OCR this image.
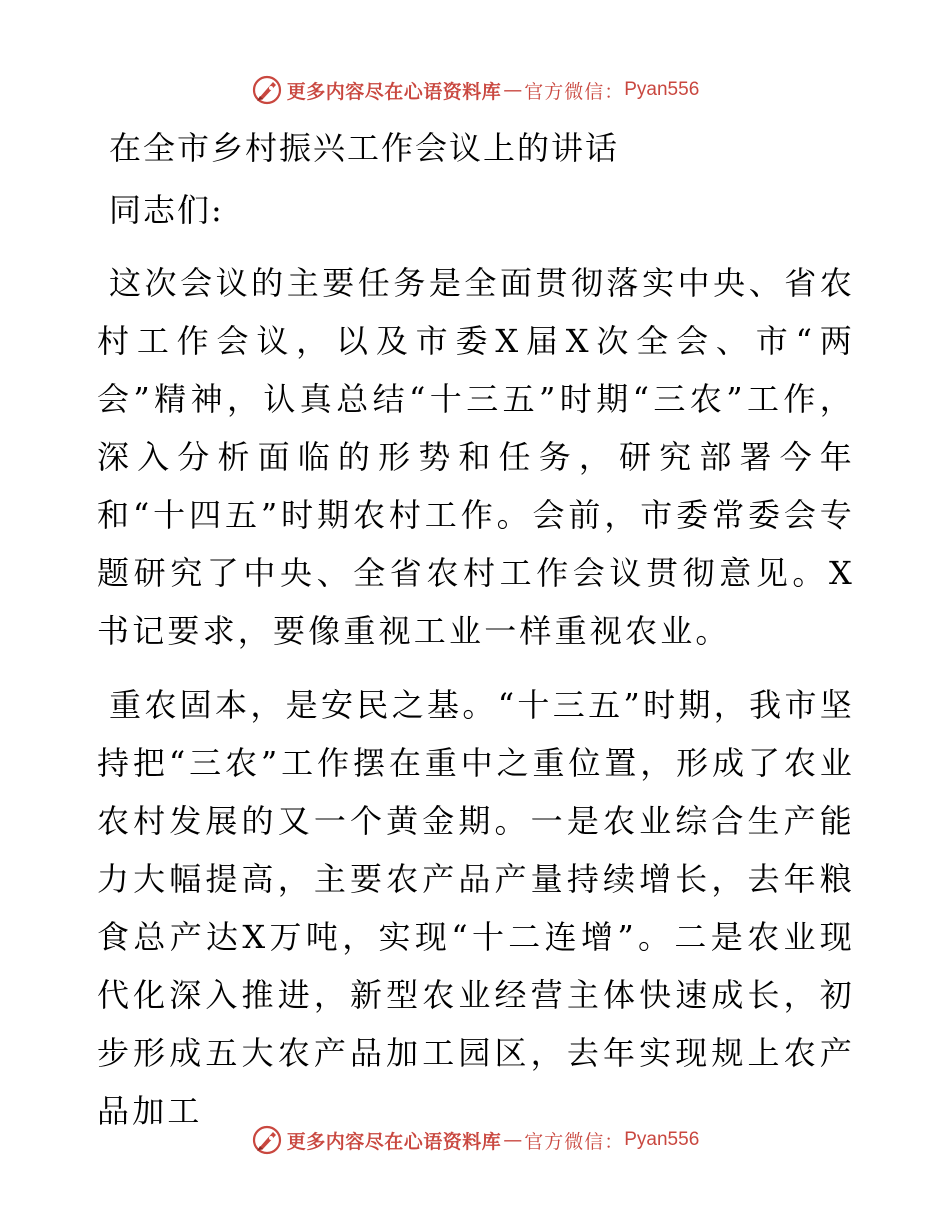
更多内容尽在心语资料库 — 官方微信： Pyan556
在全市乡村振兴工作会议上的讲话

同志们:

这次会议的主要任务是全面贯彻落实中央、省农村工作会议，以及市委X届X次全会、市“两会”精神，认真总结“十三五”时期“三农”工作，深入分析面临的形势和任务，研究部署今年和“十四五”时期农村工作。会前，市委常委会专题研究了中央、全省农村工作会议贯彻意见。X书记要求，要像重视工业一样重视农业。

重农固本，是安民之基。“十三五”时期，我市坚持把“三农”工作摆在重中之重位置，形成了农业农村发展的又一个黄金期。一是农业综合生产能力大幅提高，主要农产品产量持续增长，去年粮食总产达X万吨，实现“十二连增”。二是农业现代化深入推进，新型农业经营主体快速成长，初步形成五大农产品加工园区，去年实现规上农产品加工

更多内容尽在心语资料库 — 官方微信： Pyan556
